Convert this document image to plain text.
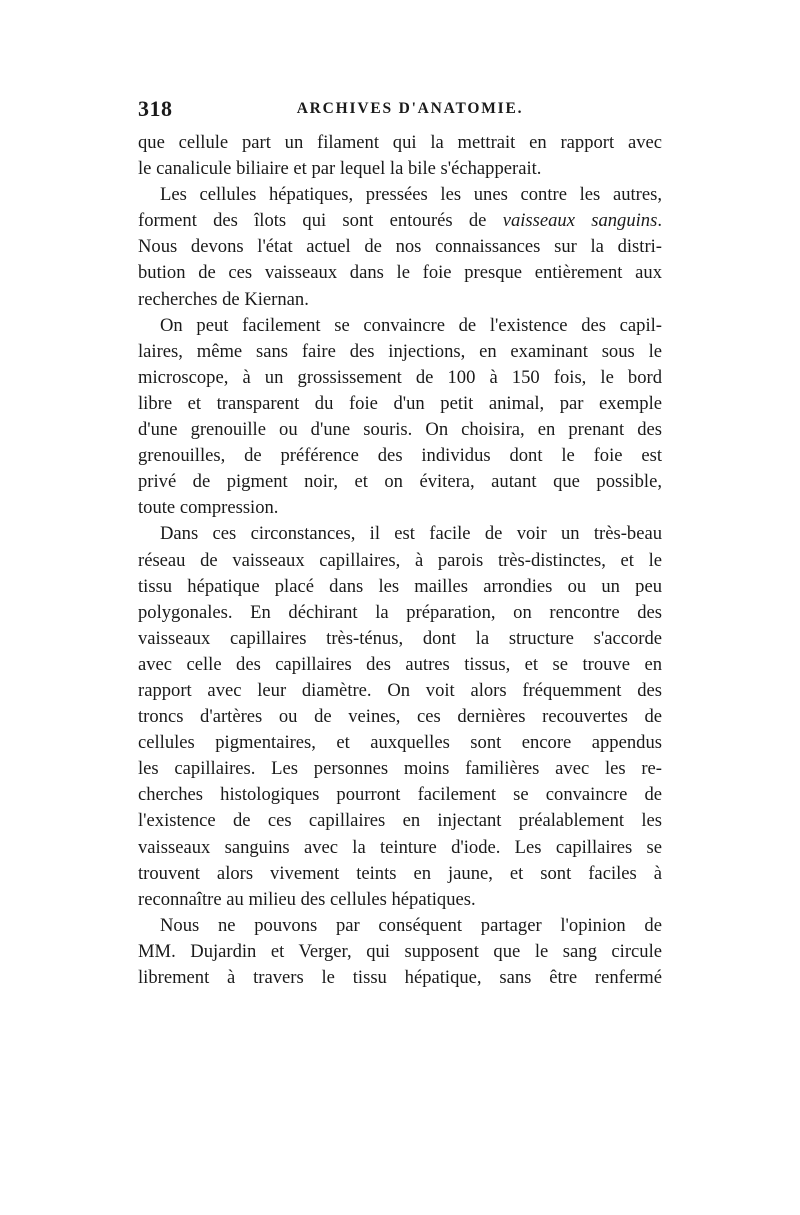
318	ARCHIVES D'ANATOMIE.
que cellule part un filament qui la mettrait en rapport avec
le canalicule biliaire et par lequel la bile s'échapperait.
Les cellules hépatiques, pressées les unes contre les autres,
forment des îlots qui sont entourés de vaisseaux sanguins.
Nous devons l'état actuel de nos connaissances sur la distri-
bution de ces vaisseaux dans le foie presque entièrement aux
recherches de Kiernan.
On peut facilement se convaincre de l'existence des capil-
laires, même sans faire des injections, en examinant sous le
microscope, à un grossissement de 100 à 150 fois, le bord
libre et transparent du foie d'un petit animal, par exemple
d'une grenouille ou d'une souris. On choisira, en prenant des
grenouilles, de préférence des individus dont le foie est
privé de pigment noir, et on évitera, autant que possible,
toute compression.
Dans ces circonstances, il est facile de voir un très-beau
réseau de vaisseaux capillaires, à parois très-distinctes, et le
tissu hépatique placé dans les mailles arrondies ou un peu
polygonales. En déchirant la préparation, on rencontre des
vaisseaux capillaires très-ténus, dont la structure s'accorde
avec celle des capillaires des autres tissus, et se trouve en
rapport avec leur diamètre. On voit alors fréquemment des
troncs d'artères ou de veines, ces dernières recouvertes de
cellules pigmentaires, et auxquelles sont encore appendus
les capillaires. Les personnes moins familières avec les re-
cherches histologiques pourront facilement se convaincre de
l'existence de ces capillaires en injectant préalablement les
vaisseaux sanguins avec la teinture d'iode. Les capillaires se
trouvent alors vivement teints en jaune, et sont faciles à
reconnaître au milieu des cellules hépatiques.
Nous ne pouvons par conséquent partager l'opinion de
MM. Dujardin et Verger, qui supposent que le sang circule
librement à travers le tissu hépatique, sans être renfermé
